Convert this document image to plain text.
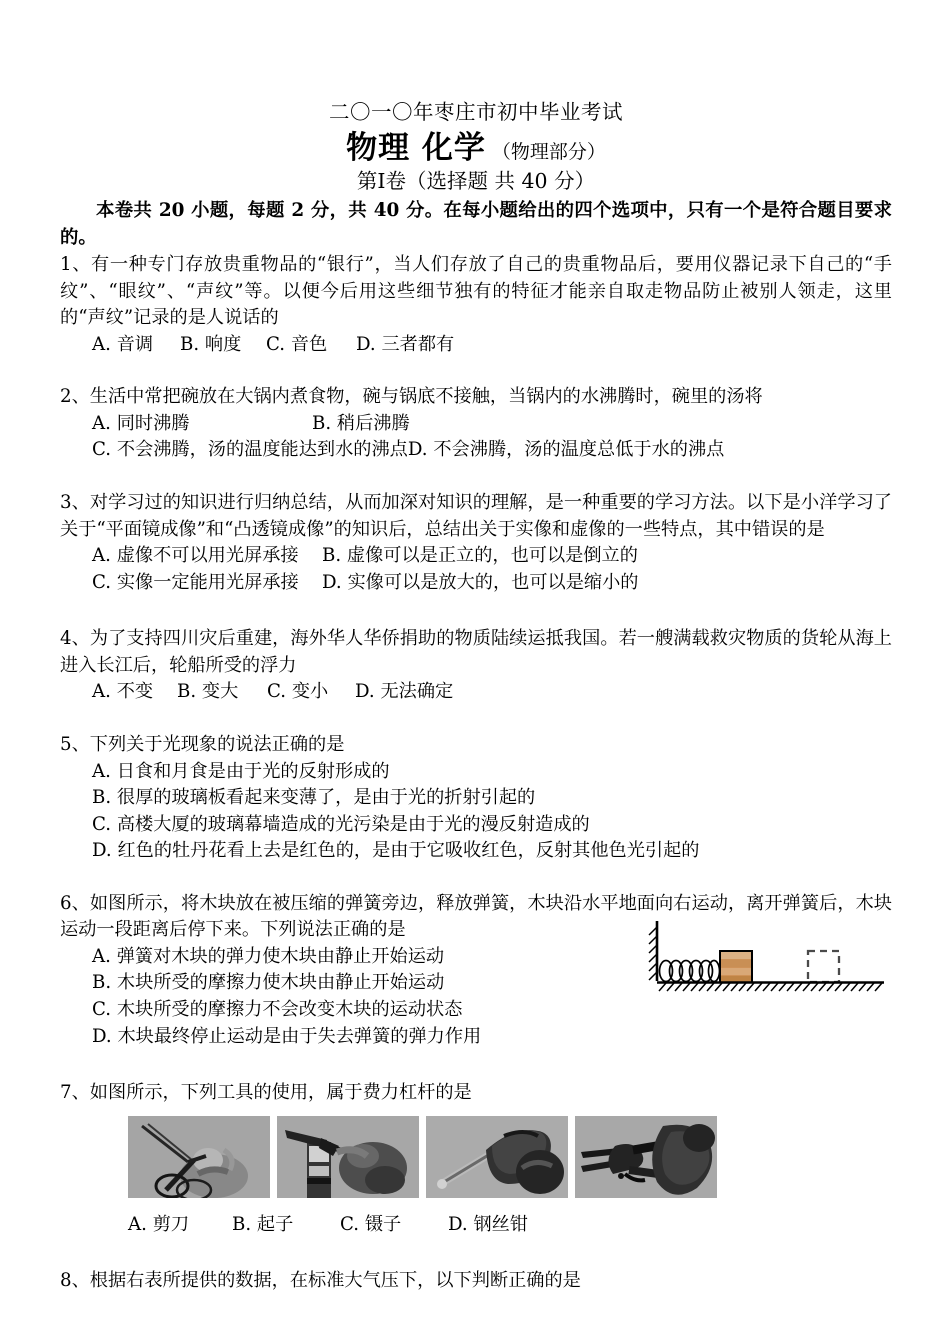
二〇一〇年枣庄市初中毕业考试
物理 化学 （物理部分）
第Ⅰ卷（选择题 共 40 分）
本卷共 20 小题，每题 2 分，共 40 分。在每小题给出的四个选项中，只有一个是符合题目要求的。

1、有一种专门存放贵重物品的“银行”，当人们存放了自己的贵重物品后，要用仪器记录下自己的“手纹”、“眼纹”、“声纹”等。以便今后用这些细节独有的特征才能亲自取走物品防止被别人领走，这里的“声纹”记录的是人说话的

A. 音调 B. 响度 C. 音色 D. 三者都有

2、生活中常把碗放在大锅内煮食物，碗与锅底不接触，当锅内的水沸腾时，碗里的汤将

A. 同时沸腾	B. 稍后沸腾
C. 不会沸腾，汤的温度能达到水的沸点D. 不会沸腾，汤的温度总低于水的沸点

3、对学习过的知识进行归纳总结，从而加深对知识的理解，是一种重要的学习方法。以下是小洋学习了关于“平面镜成像”和“凸透镜成像”的知识后，总结出关于实像和虚像的一些特点，其中错误的是

A. 虚像不可以用光屏承接 B. 虚像可以是正立的，也可以是倒立的
C. 实像一定能用光屏承接 D. 实像可以是放大的，也可以是缩小的

4、为了支持四川灾后重建，海外华人华侨捐助的物质陆续运抵我国。若一艘满载救灾物质的货轮从海上进入长江后，轮船所受的浮力

A. 不变 B. 变大 C. 变小 D. 无法确定

5、下列关于光现象的说法正确的是

A. 日食和月食是由于光的反射形成的
B. 很厚的玻璃板看起来变薄了，是由于光的折射引起的
C. 高楼大厦的玻璃幕墙造成的光污染是由于光的漫反射造成的
D. 红色的牡丹花看上去是红色的，是由于它吸收红色，反射其他色光引起的

6、如图所示，将木块放在被压缩的弹簧旁边，释放弹簧，木块沿水平地面向右运动，离开弹簧后，木块运动一段距离后停下来。下列说法正确的是

A. 弹簧对木块的弹力使木块由静止开始运动
B. 木块所受的摩擦力使木块由静止开始运动
C. 木块所受的摩擦力不会改变木块的运动状态
D. 木块最终停止运动是由于失去弹簧的弹力作用

7、如图所示，下列工具的使用，属于费力杠杆的是

A. 剪刀 B. 起子	C. 镊子	D. 钢丝钳

8、根据右表所提供的数据，在标准大气压下，以下判断正确的是
